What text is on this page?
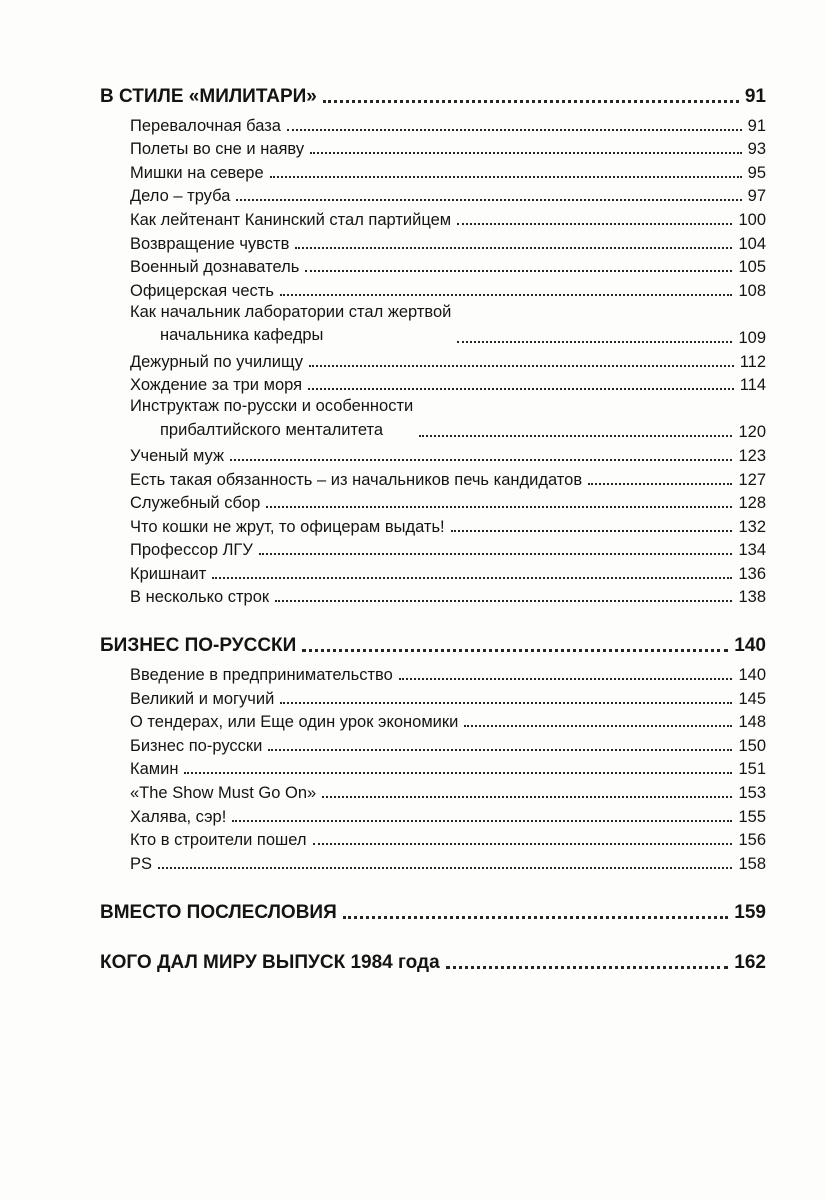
В СТИЛЕ «МИЛИТАРИ»	91
Перевалочная база	91
Полеты во сне и наяву	93
Мишки на севере	95
Дело – труба	97
Как лейтенант Канинский стал партийцем	100
Возвращение чувств	104
Военный дознаватель	105
Офицерская честь	108
Как начальник лаборатории стал жертвой
начальника кафедры	109
Дежурный по училищу	112
Хождение за три моря	114
Инструктаж по-русски и особенности
прибалтийского менталитета	120
Ученый муж	123
Есть такая обязанность – из начальников печь кандидатов	127
Служебный сбор	128
Что кошки не жрут, то офицерам выдать!	132
Профессор ЛГУ	134
Кришнаит	136
В несколько строк	138
БИЗНЕС ПО-РУССКИ	140
Введение в предпринимательство	140
Великий и могучий	145
О тендерах, или Еще один урок экономики	148
Бизнес по-русски	150
Камин	151
«The Show Must Go On»	153
Халява, сэр!	155
Кто в строители пошел	156
PS	158
ВМЕСТО ПОСЛЕСЛОВИЯ	159
КОГО ДАЛ МИРУ ВЫПУСК 1984 года	162
